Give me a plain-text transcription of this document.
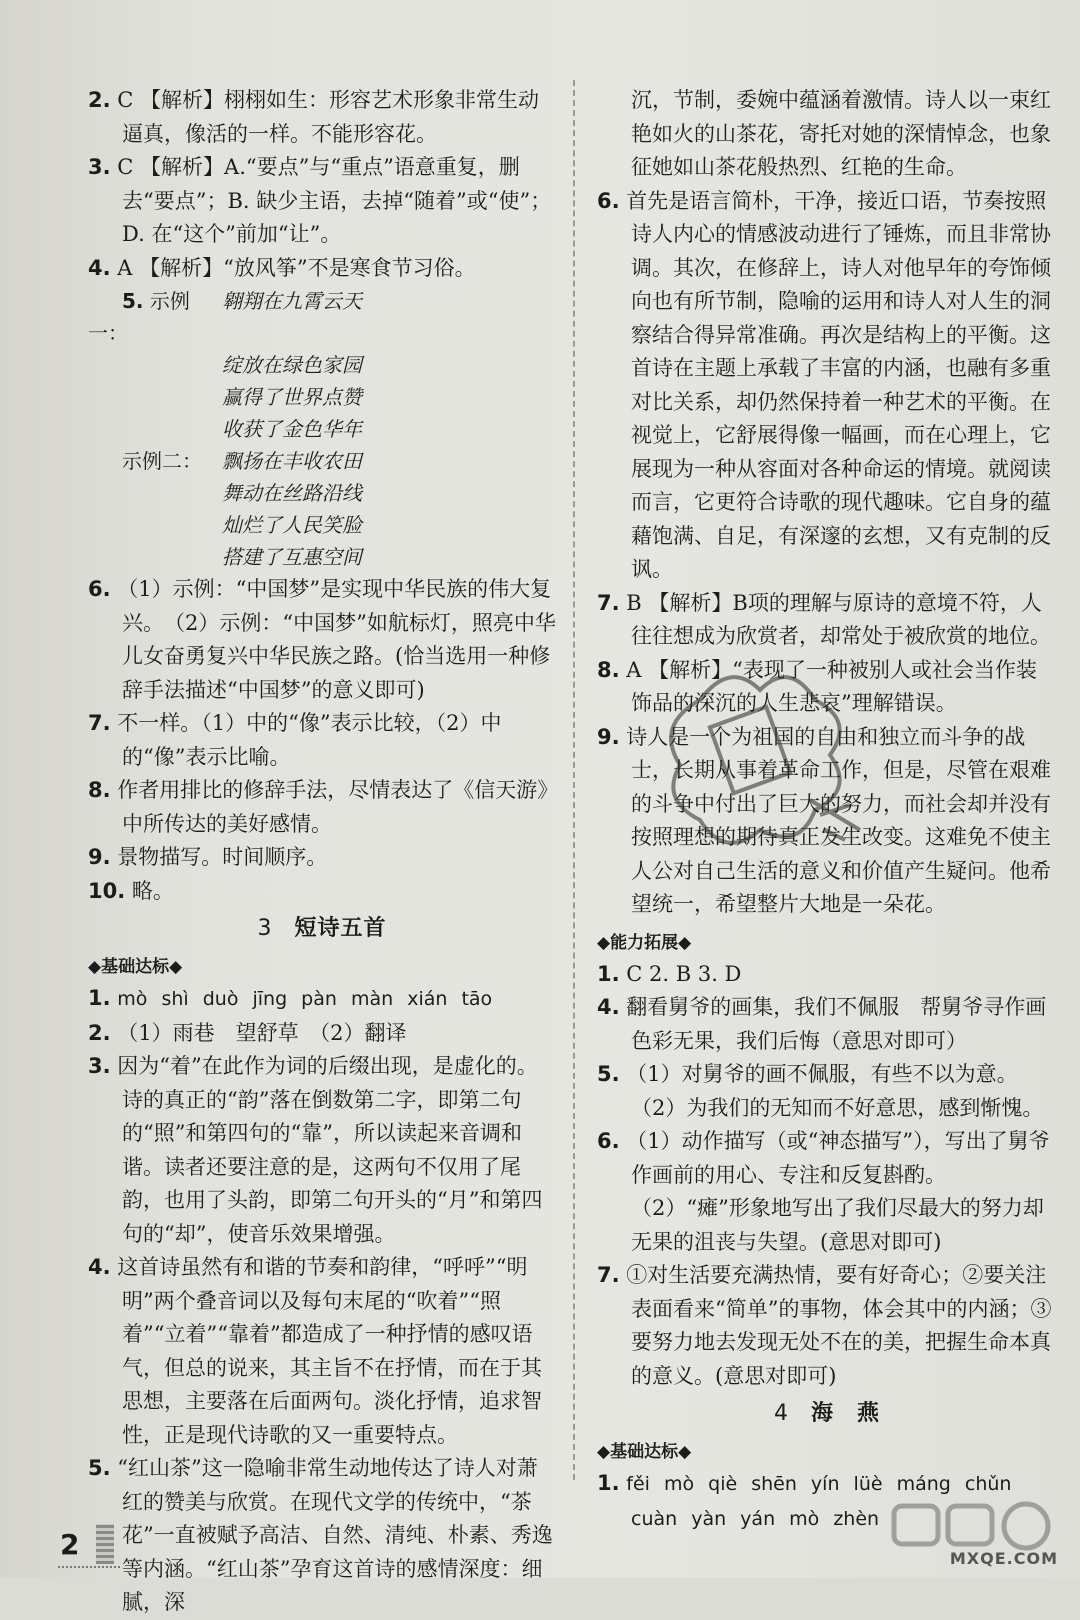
2. C 【解析】栩栩如生：形容艺术形象非常生动逼真，像活的一样。不能形容花。

3. C 【解析】A.“要点”与“重点”语意重复，删去“要点”；B. 缺少主语，去掉“随着”或“使”；D. 在“这个”前加“让”。

4. A 【解析】“放风筝”不是寒食节习俗。

5. 示例一：
翱翔在九霄云天
绽放在绿色家园
赢得了世界点赞
收获了金色华年
示例二：	飘扬在丰收农田
舞动在丝路沿线
灿烂了人民笑脸
搭建了互惠空间

6. （1）示例：“中国梦”是实现中华民族的伟大复兴。　（2）示例：“中国梦”如航标灯，照亮中华儿女奋勇复兴中华民族之路。(恰当选用一种修辞手法描述“中国梦”的意义即可)

7. 不一样。（1）中的“像”表示比较，（2）中的“像”表示比喻。

8. 作者用排比的修辞手法，尽情表达了《信天游》中所传达的美好感情。

9. 景物描写。时间顺序。

10. 略。

3 短诗五首
◆基础达标◆

1. mò shì duò jīng pàn màn xián tāo

2. （1）雨巷　望舒草　（2）翻译

3. 因为“着”在此作为词的后缀出现，是虚化的。诗的真正的“韵”落在倒数第二字，即第二句的“照”和第四句的“靠”，所以读起来音调和谐。读者还要注意的是，这两句不仅用了尾韵，也用了头韵，即第二句开头的“月”和第四句的“却”，使音乐效果增强。

4. 这首诗虽然有和谐的节奏和韵律，“呼呼”“明明”两个叠音词以及每句末尾的“吹着”“照着”“立着”“靠着”都造成了一种抒情的感叹语气，但总的说来，其主旨不在抒情，而在于其思想，主要落在后面两句。淡化抒情，追求智性，正是现代诗歌的又一重要特点。

5. “红山茶”这一隐喻非常生动地传达了诗人对萧红的赞美与欣赏。在现代文学的传统中，“茶花”一直被赋予高洁、自然、清纯、朴素、秀逸等内涵。“红山茶”孕育这首诗的感情深度：细腻，深

沉，节制，委婉中蕴涵着激情。诗人以一束红艳如火的山茶花，寄托对她的深情悼念，也象征她如山茶花般热烈、红艳的生命。

6. 首先是语言简朴，干净，接近口语，节奏按照诗人内心的情感波动进行了锤炼，而且非常协调。其次，在修辞上，诗人对他早年的夸饰倾向也有所节制，隐喻的运用和诗人对人生的洞察结合得异常准确。再次是结构上的平衡。这首诗在主题上承载了丰富的内涵，也融有多重对比关系，却仍然保持着一种艺术的平衡。在视觉上，它舒展得像一幅画，而在心理上，它展现为一种从容面对各种命运的情境。就阅读而言，它更符合诗歌的现代趣味。它自身的蕴藉饱满、自足，有深邃的玄想，又有克制的反讽。

7. B 【解析】B项的理解与原诗的意境不符，人往往想成为欣赏者，却常处于被欣赏的地位。

8. A 【解析】“表现了一种被别人或社会当作装饰品的深沉的人生悲哀”理解错误。

9. 诗人是一个为祖国的自由和独立而斗争的战士，长期从事着革命工作，但是，尽管在艰难的斗争中付出了巨大的努力，而社会却并没有按照理想的期待真正发生改变。这难免不使主人公对自己生活的意义和价值产生疑问。他希望统一，希望整片大地是一朵花。

◆能力拓展◆

1. C 2. B 3. D

4. 翻看舅爷的画集，我们不佩服　帮舅爷寻作画色彩无果，我们后悔（意思对即可）

5. （1）对舅爷的画不佩服，有些不以为意。　（2）为我们的无知而不好意思，感到惭愧。

6. （1）动作描写（或“神态描写”），写出了舅爷作画前的用心、专注和反复斟酌。　（2）“瘫”形象地写出了我们尽最大的努力却无果的沮丧与失望。(意思对即可)

7. ①对生活要充满热情，要有好奇心；②要关注表面看来“简单”的事物，体会其中的内涵；③要努力地去发现无处不在的美，把握生命本真的意义。(意思对即可)

4 海　燕
◆基础达标◆

1. fěi mò qiè shēn yín lüè máng chǔn

cuàn yàn yán mò zhèn

2	MXQE.COM
